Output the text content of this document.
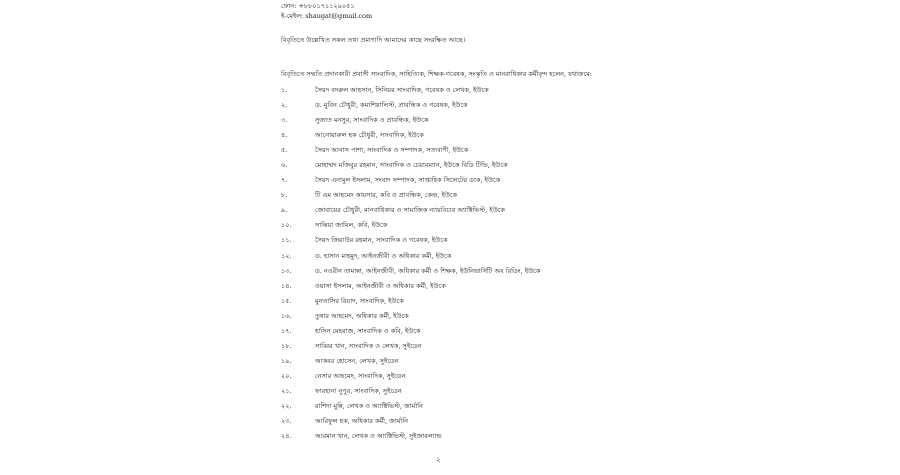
ফোন: +৮৮০১৭১১২৯০৫১
ই-মেইল: shaugat@gmail.com
বিবৃতিতে উল্লেখিত সকল তথ্য প্রমাণাদি আমাদের কাছে সংরক্ষিত আছে।
বিবৃতিতে সম্মতি প্রদানকারী প্রবাসী সাংবাদিক, সাহিত্যিক, শিক্ষক-গবেষক, সংস্কৃতি ও মানবাধিকার কর্মীবৃন্দ হলেন, যথাক্রমে:
১.	সৈয়দ বদরুল আহসান, সিনিয়র সাংবাদিক, গবেষক ও লেখক, ইউকে
২.	ড. মুবিন চৌধুরী, কমাশিয়ালিস্ট, প্রাবন্ধিক ও গবেষক, ইউকে
৩.	সুজাত মনসুর, সাংবাদিক ও প্রাবন্ধিক, ইউকে
৪.	আনোয়ারুল হক চৌধুরী, সাংবাদিক, ইউকে
৫.	সৈয়দ আনাস পাশা, সাংবাদিক ও সম্পাদক, সত্যবাণী, ইউকে
৬.	মোহাম্মদ মজিবুর রহমান, সাংবাদিক ও চেয়ারম্যান, ইউকে বিডি টিভি, ইউকে
৭.	সৈয়দ এনামুল ইসলাম, সংবাদ সম্পাদক, সাপ্তাহিক সিলেটের ডাক, ইউকে
৮.	টি এম আহমেদ কায়সার, কবি ও প্রাবন্ধিক, কেন্দ্র, ইউকে
৯.	জোবায়ের চৌধুরী, মানবাধিকার ও সামাজিক ন্যায়বিচার অ্যাক্টিভিস্ট, ইউকে
১০.	সান্তিয়া জামিল, কবি, ইউকে
১১.	সৈয়দ জিয়াউর রহমান, সাংবাদিক ও গবেষক, ইউকে
১২.	ড. হাসান মাহমুদ, আইনজীবী ও অধিকার কর্মী, ইউকে
১৩.	ড. নওরীন তামান্না, আইনজীবী, অধিকার কর্মী ও শিক্ষক, ইউনিভার্সিটি অব রিডিং, ইউকে
১৪.	ওয়াসা ইসলাম, আইনজীবী ও অধিকার কর্মী, ইউকে
১৫.	মুনতাসির রিয়াদ, সাংবাদিক, ইউকে
১৬.	তুষার আহমেদ, অধিকার কর্মী, ইউকে
১৭.	হাসিন মেহরাজ, সাংবাদিক ও কবি, ইউকে
১৮.	সাব্বির খান, সাংবাদিক ও লেখক, সুইডেন
১৯.	আকবর হোসেন, লেখক, সুইডেন
২০.	নেসার আহমেদ, সাংবাদিক, সুইডেন
২১.	ফারহানা নুপুর, সাংবাদিক, সুইডেন
২২.	রাশিদা মুন্নি, লেখক ও অ্যাক্টিভিস্ট, জার্মানি
২৩.	আরিফুল হক, অধিকার কর্মী, জার্মানি
২৪.	আরমান খান, লেখক ও অ্যাক্টিভিস্ট, সুইজারল্যান্ড
২
